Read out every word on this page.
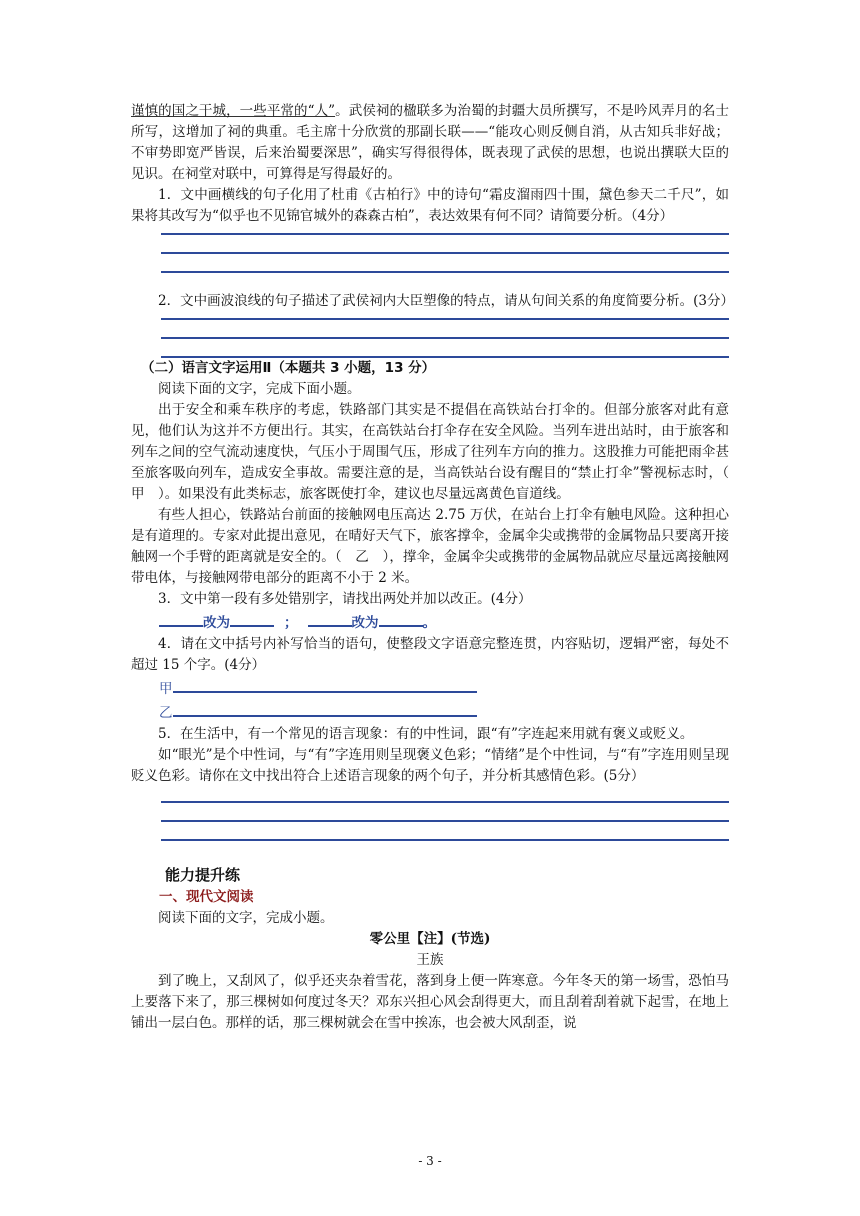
谨慎的国之干城，一些平常的“人”。武侯祠的楹联多为治蜀的封疆大员所撰写，不是吟风弄月的名士所写，这增加了祠的典重。毛主席十分欣赏的那副长联——“能攻心则反侧自消，从古知兵非好战；不审势即宽严皆误，后来治蜀要深思”，确实写得很得体，既表现了武侯的思想，也说出撰联大臣的见识。在祠堂对联中，可算得是写得最好的。

1．文中画横线的句子化用了杜甫《古柏行》中的诗句“霜皮溜雨四十围，黛色参天二千尺”，如果将其改写为“似乎也不见锦官城外的森森古柏”，表达效果有何不同？请简要分析。（4分）

2．文中画波浪线的句子描述了武侯祠内大臣塑像的特点，请从句间关系的角度简要分析。(3分）

（二）语言文字运用Ⅱ（本题共 3 小题，13 分）

阅读下面的文字，完成下面小题。

出于安全和乘车秩序的考虑，铁路部门其实是不提倡在高铁站台打伞的。但部分旅客对此有意见，他们认为这并不方便出行。其实，在高铁站台打伞存在安全风险。当列车进出站时，由于旅客和列车之间的空气流动速度快，气压小于周围气压，形成了往列车方向的推力。这股推力可能把雨伞甚至旅客吸向列车，造成安全事故。需要注意的是，当高铁站台设有醒目的“禁止打伞”警视标志时，（　甲　）。如果没有此类标志，旅客既使打伞，建议也尽量远离黄色盲道线。

有些人担心，铁路站台前面的接触网电压高达 2.75 万伏，在站台上打伞有触电风险。这种担心是有道理的。专家对此提出意见，在晴好天气下，旅客撑伞，金属伞尖或携带的金属物品只要离开接触网一个手臂的距离就是安全的。（　乙　），撑伞，金属伞尖或携带的金属物品就应尽量远离接触网带电体，与接触网带电部分的距离不小于 2 米。

3．文中第一段有多处错别字，请找出两处并加以改正。(4分）

改为	；	改为	。

4．请在文中括号内补写恰当的语句，使整段文字语意完整连贯，内容贴切，逻辑严密，每处不超过 15 个字。(4分）

甲
乙

5．在生活中，有一个常见的语言现象：有的中性词，跟“有”字连起来用就有褒义或贬义。

如“眼光”是个中性词，与“有”字连用则呈现褒义色彩；“情绪”是个中性词，与“有”字连用则呈现贬义色彩。请你在文中找出符合上述语言现象的两个句子，并分析其感情色彩。(5分）

能力提升练

一、现代文阅读

阅读下面的文字，完成小题。

零公里【注】(节选)

王族

到了晚上，又刮风了，似乎还夹杂着雪花，落到身上便一阵寒意。今年冬天的第一场雪，恐怕马上要落下来了，那三棵树如何度过冬天？邓东兴担心风会刮得更大，而且刮着刮着就下起雪，在地上铺出一层白色。那样的话，那三棵树就会在雪中挨冻，也会被大风刮歪，说

- 3 -
